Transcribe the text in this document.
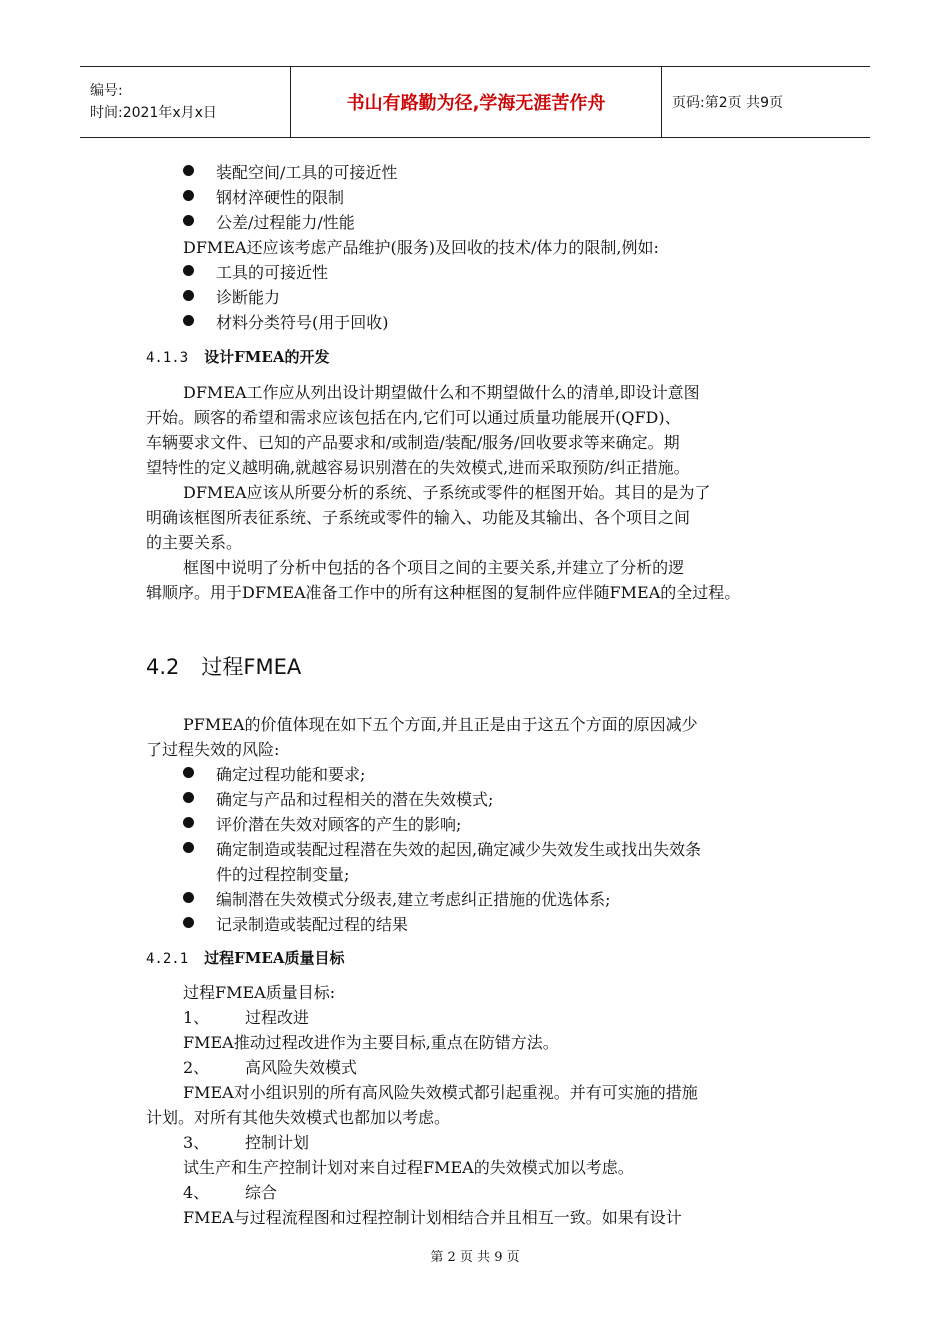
编号:
时间:2021年x月x日	书山有路勤为径,学海无涯苦作舟	页码:第2页 共9页
装配空间/工具的可接近性
钢材淬硬性的限制
公差/过程能力/性能
DFMEA还应该考虑产品维护(服务)及回收的技术/体力的限制,例如:
工具的可接近性
诊断能力
材料分类符号(用于回收)
4.1.3 设计FMEA的开发
DFMEA工作应从列出设计期望做什么和不期望做什么的清单,即设计意图
开始。顾客的希望和需求应该包括在内,它们可以通过质量功能展开(QFD)、
车辆要求文件、已知的产品要求和/或制造/装配/服务/回收要求等来确定。期
望特性的定义越明确,就越容易识别潜在的失效模式,进而采取预防/纠正措施。
DFMEA应该从所要分析的系统、子系统或零件的框图开始。其目的是为了
明确该框图所表征系统、子系统或零件的输入、功能及其输出、各个项目之间
的主要关系。
框图中说明了分析中包括的各个项目之间的主要关系,并建立了分析的逻
辑顺序。用于DFMEA准备工作中的所有这种框图的复制件应伴随FMEA的全过程。
4.2 过程FMEA
PFMEA的价值体现在如下五个方面,并且正是由于这五个方面的原因减少
了过程失效的风险:
确定过程功能和要求;
确定与产品和过程相关的潜在失效模式;
评价潜在失效对顾客的产生的影响;
确定制造或装配过程潜在失效的起因,确定减少失效发生或找出失效条
件的过程控制变量;
编制潜在失效模式分级表,建立考虑纠正措施的优选体系;
记录制造或装配过程的结果
4.2.1 过程FMEA质量目标
过程FMEA质量目标:
1、 过程改进
FMEA推动过程改进作为主要目标,重点在防错方法。
2、 高风险失效模式
FMEA对小组识别的所有高风险失效模式都引起重视。并有可实施的措施
计划。对所有其他失效模式也都加以考虑。
3、 控制计划
试生产和生产控制计划对来自过程FMEA的失效模式加以考虑。
4、 综合
FMEA与过程流程图和过程控制计划相结合并且相互一致。如果有设计
第 2 页 共 9 页
